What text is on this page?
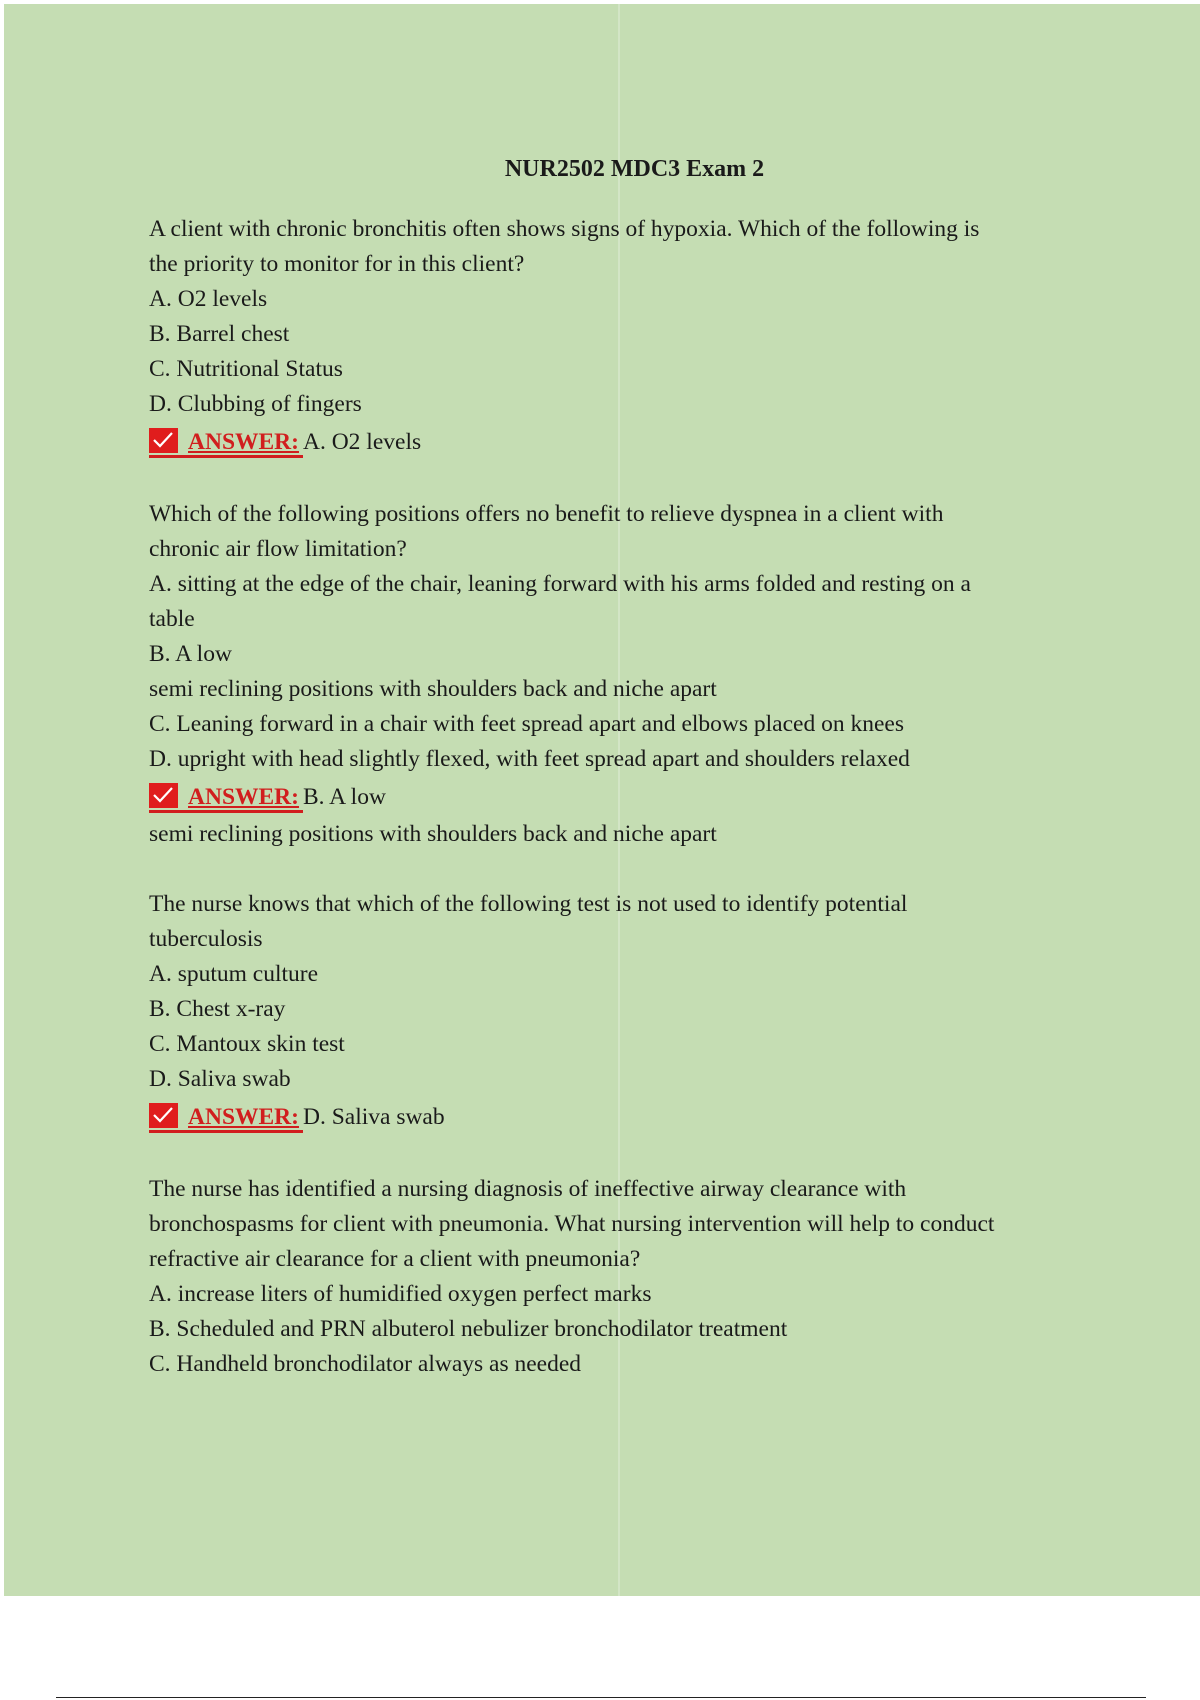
NUR2502 MDC3 Exam 2
A client with chronic bronchitis often shows signs of hypoxia. Which of the following is
the priority to monitor for in this client?
A. O2 levels
B. Barrel chest
C. Nutritional Status
D. Clubbing of fingers
ANSWER: A. O2 levels
Which of the following positions offers no benefit to relieve dyspnea in a client with
chronic air flow limitation?
A. sitting at the edge of the chair, leaning forward with his arms folded and resting on a
table
B. A low
semi reclining positions with shoulders back and niche apart
C. Leaning forward in a chair with feet spread apart and elbows placed on knees
D. upright with head slightly flexed, with feet spread apart and shoulders relaxed
ANSWER: B. A low
semi reclining positions with shoulders back and niche apart
The nurse knows that which of the following test is not used to identify potential
tuberculosis
A. sputum culture
B. Chest x-ray
C. Mantoux skin test
D. Saliva swab
ANSWER: D. Saliva swab
The nurse has identified a nursing diagnosis of ineffective airway clearance with
bronchospasms for client with pneumonia. What nursing intervention will help to conduct
refractive air clearance for a client with pneumonia?
A. increase liters of humidified oxygen perfect marks
B. Scheduled and PRN albuterol nebulizer bronchodilator treatment
C. Handheld bronchodilator always as needed
